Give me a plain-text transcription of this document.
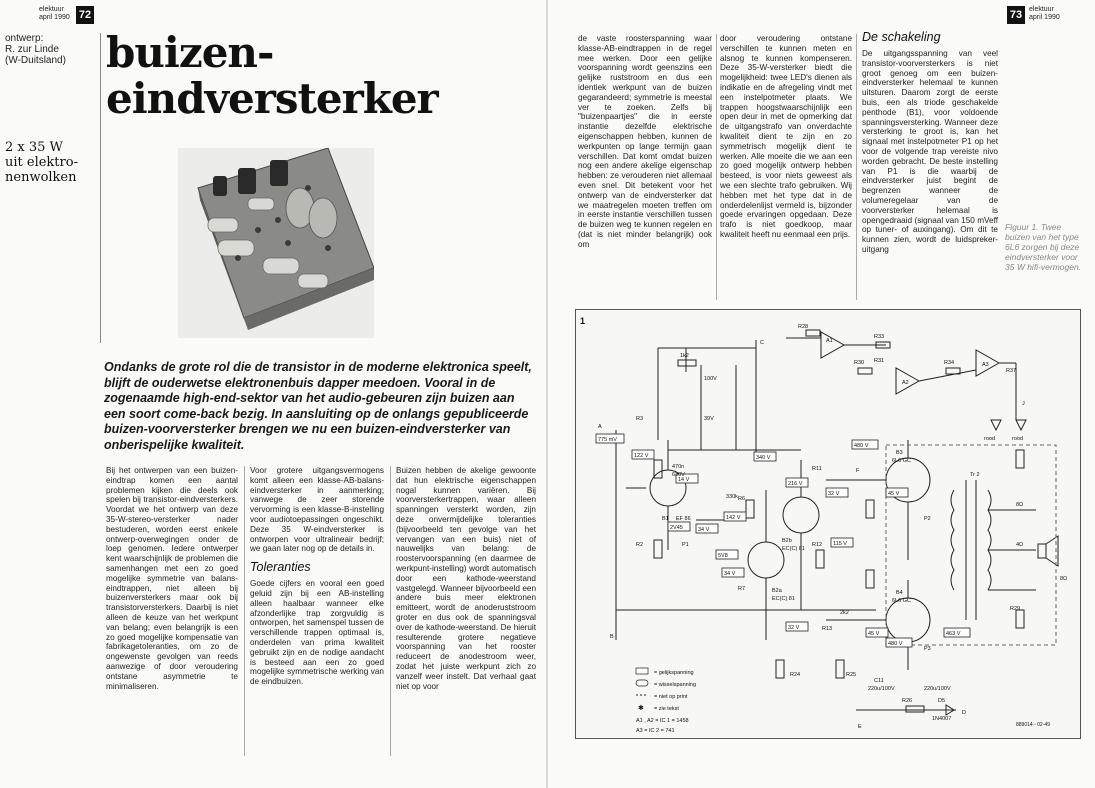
elektuur
april 1990 72
ontwerp:
R. zur Linde
(W-Duitsland) buizen-
eindversterker
2 x 35 W
uit elektro-
nenwolken
Ondanks de grote rol die de transistor in de moderne elektronica speelt, blijft de ouderwetse elektronenbuis dapper meedoen. Vooral in de zogenaamde high-end-sektor van het audio-gebeuren zijn buizen aan een soort come-back bezig. In aansluiting op de onlangs gepubliceerde buizen-voorversterker brengen we nu een buizen-eindversterker van onberispelijke kwaliteit.

Bij het ontwerpen van een buizen-eindtrap komen een aantal problemen kijken die deels ook spelen bij transistor-eindversterkers. Voordat we het ontwerp van deze 35-W-stereo-versterker nader bestuderen, worden eerst enkele ontwerp-overwegingen onder de loep genomen. Iedere ontwerper kent waarschijnlijk de problemen die samenhangen met een zo goed mogelijke symmetrie van balans-eindtrappen, niet alleen bij buizenversterkers maar ook bij transistorversterkers. Daarbij is niet alleen de keuze van het werkpunt van belang; even belangrijk is een zo goed mogelijke kompensatie van fabrikagetoleranties, om zo de ongewenste gevolgen van reeds aanwezige of door veroudering ontstane asymmetrie te minimaliseren.

Voor grotere uitgangsvermogens komt alleen een klasse-AB-balans-eindversterker in aanmerking; vanwege de zeer storende vervorming is een klasse-B-instelling voor audiotoepassingen ongeschikt. Deze 35 W-eindversterker is ontworpen voor ultralineair bedrijf; we gaan later nog op de details in.

Toleranties

Goede cijfers en vooral een goed geluid zijn bij een AB-instelling alleen haalbaar wanneer elke afzonderlijke trap zorgvuldig is ontworpen, het samenspel tussen de verschillende trappen optimaal is, onderdelen van prima kwaliteit gebruikt zijn en de nodige aandacht is besteed aan een zo goed mogelijke symmetrische werking van de eindbuizen.

Buizen hebben de akelige gewoonte dat hun elektrische eigenschappen nogal kunnen variëren. Bij voorversterkertrappen, waar alleen spanningen versterkt worden, zijn deze onvermijdelijke toleranties (bijvoorbeeld ten gevolge van het vervangen van een buis) niet of nauwelijks van belang: de roostervoorspanning (en daarmee de werkpunt-instelling) wordt automatisch door een kathode-weerstand vastgelegd. Wanneer bijvoorbeeld een andere buis meer elektronen emitteert, wordt de anoderuststroom groter en dus ook de spanningsval over de kathode-weerstand. De hieruit resulterende grotere negatieve voorspanning van het rooster reduceert de anodestroom weer, zodat het juiste werkpunt zich zo vanzelf weer instelt. Dat verhaal gaat niet op voor

73 elektuur
april 1990

de vaste roosterspanning waar klasse-AB-eindtrappen in de regel mee werken. Door een gelijke voorspanning wordt geenszins een gelijke ruststroom en dus een identiek werkpunt van de buizen gegarandeerd; symmetrie is meestal ver te zoeken. Zelfs bij "buizenpaartjes" die in eerste instantie dezelfde elektrische eigenschappen hebben, kunnen de werkpunten op lange termijn gaan verschillen. Dat komt omdat buizen nog een andere akelige eigenschap hebben: ze verouderen niet allemaal even snel. Dit betekent voor het ontwerp van de eindversterker dat we maatregelen moeten treffen om in eerste instantie verschillen tussen de buizen weg te kunnen regelen en (dat is niet minder belangrijk) ook om

door veroudering ontstane verschillen te kunnen meten en alsnog te kunnen kompenseren. Deze 35-W-versterker biedt die mogelijkheid: twee LED's dienen als indikatie en de afregeling vindt met een instelpotmeter plaats. We trappen hoogstwaarschijnlijk een open deur in met de opmerking dat de uitgangstrafo van onverdachte kwaliteit dient te zijn en zo symmetrisch mogelijk dient te werken. Alle moeite die we aan een zo goed mogelijk ontwerp hebben besteed, is voor niets geweest als we een slechte trafo gebruiken. Wij hebben met het type dat in de onderdelenlijst vermeld is, bijzonder goede ervaringen opgedaan. Deze trafo is niet goedkoop, maar kwaliteit heeft nu eenmaal een prijs.

De schakeling

De uitgangsspanning van veel transistor-voorversterkers is niet groot genoeg om een buizen-eindversterker helemaal te kunnen uitsturen. Daarom zorgt de eerste buis, een als triode geschakelde penthode (B1), voor voldoende spanningsversterking. Wanneer deze versterking te groot is, kan het signaal met instelpotmeter P1 op het voor de volgende trap vereiste nivo worden gebracht. De beste instelling van P1 is die waarbij de eindversterker juist begint de begrenzen wanneer de volumeregelaar van de voorversterker helemaal is opengedraaid (signaal van 150 mVeff op tuner- of auxingang). Om dit te kunnen zien, wordt de luidspreker-uitgang

Figuur 1. Twee buizen van het type 6L6 zorgen bij deze eindversterker voor 35 W hifi-vermogen.
1
R28
A1
R30
R33
R31
A2
R34	A3
R37
rood	rood
J
1k2
100V
39V
C
775 mV
122 V
14 V
340 V
216 V
32 V
480 V
45 V
142 V
34 V
2V45
5V8
115 V
34 V
32 V
45 V
480 V
463 V
B1 EF 86
B2a
EC(C) 81
B2b
EC(C) 81
B3
6L6 GC
B4
6L6 GC
Tr 2
8Ω
4Ω
8Ω
R3
R2
R6
R11
R12
R7
R13
330k
470n
630V
F
2k2
P1
P2
P3
R24	R25
R29
R26
C11
220u/100V	220u/100V
D5
1N4007
D
E
A
B
889014 - 02-49
= gelijkspanning
= wisselspanning
= niet op print
✱ = zie tekst
A1 , A2 = IC 1 = 1458
A3 = IC 2 = 741
